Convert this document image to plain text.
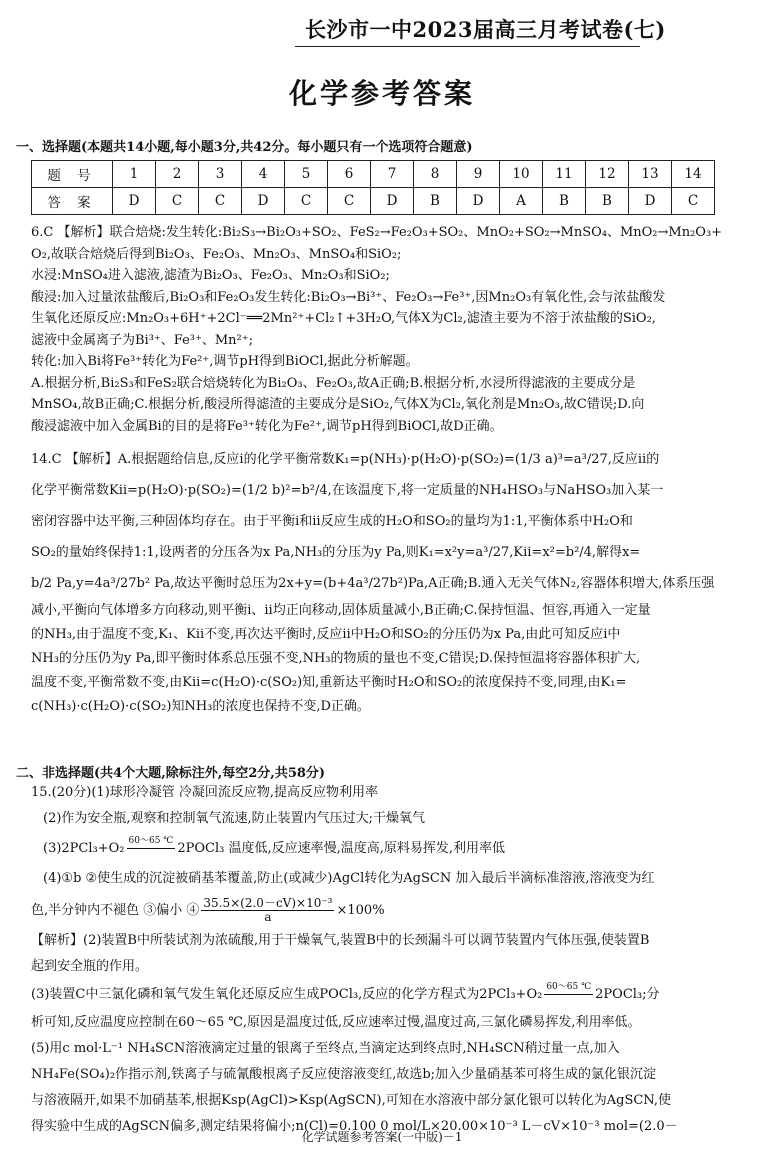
长沙市一中2023届高三月考试卷(七)
化学参考答案
一、选择题(本题共14小题,每小题3分,共42分。每小题只有一个选项符合题意)
题 号	1	2	3	4	5	6	7	8	9	10	11	12	13	14
答 案	D	C	C	D	C	C	D	B	D	A	B	B	D	C

6.C 【解析】联合焙烧:发生转化:Bi₂S₃→Bi₂O₃+SO₂、FeS₂→Fe₂O₃+SO₂、MnO₂+SO₂→MnSO₄、MnO₂→Mn₂O₃+

O₂,故联合焙烧后得到Bi₂O₃、Fe₂O₃、Mn₂O₃、MnSO₄和SiO₂;

水浸:MnSO₄进入滤液,滤渣为Bi₂O₃、Fe₂O₃、Mn₂O₃和SiO₂;

酸浸:加入过量浓盐酸后,Bi₂O₃和Fe₂O₃发生转化:Bi₂O₃→Bi³⁺、Fe₂O₃→Fe³⁺,因Mn₂O₃有氧化性,会与浓盐酸发

生氧化还原反应:Mn₂O₃+6H⁺+2Cl⁻══2Mn²⁺+Cl₂↑+3H₂O,气体X为Cl₂,滤渣主要为不溶于浓盐酸的SiO₂,

滤液中金属离子为Bi³⁺、Fe³⁺、Mn²⁺;

转化:加入Bi将Fe³⁺转化为Fe²⁺,调节pH得到BiOCl,据此分析解题。

A.根据分析,Bi₂S₃和FeS₂联合焙烧转化为Bi₂O₃、Fe₂O₃,故A正确;B.根据分析,水浸所得滤液的主要成分是

MnSO₄,故B正确;C.根据分析,酸浸所得滤渣的主要成分是SiO₂,气体X为Cl₂,氧化剂是Mn₂O₃,故C错误;D.向

酸浸滤液中加入金属Bi的目的是将Fe³⁺转化为Fe²⁺,调节pH得到BiOCl,故D正确。

14.C 【解析】A.根据题给信息,反应ⅰ的化学平衡常数K₁=p(NH₃)·p(H₂O)·p(SO₂)=(1/3 a)³=a³/27,反应ⅱ的

化学平衡常数Kⅱ=p(H₂O)·p(SO₂)=(1/2 b)²=b²/4,在该温度下,将一定质量的NH₄HSO₃与NaHSO₃加入某一

密闭容器中达平衡,三种固体均存在。由于平衡ⅰ和ⅱ反应生成的H₂O和SO₂的量均为1:1,平衡体系中H₂O和

SO₂的量始终保持1:1,设两者的分压各为x Pa,NH₃的分压为y Pa,则K₁=x²y=a³/27,Kⅱ=x²=b²/4,解得x=

b/2 Pa,y=4a³/27b² Pa,故达平衡时总压为2x+y=(b+4a³/27b²)Pa,A正确;B.通入无关气体N₂,容器体积增大,体系压强

减小,平衡向气体增多方向移动,则平衡ⅰ、ⅱ均正向移动,固体质量减小,B正确;C.保持恒温、恒容,再通入一定量

的NH₃,由于温度不变,K₁、Kⅱ不变,再次达平衡时,反应ⅱ中H₂O和SO₂的分压仍为x Pa,由此可知反应ⅰ中

NH₃的分压仍为y Pa,即平衡时体系总压强不变,NH₃的物质的量也不变,C错误;D.保持恒温将容器体积扩大,

温度不变,平衡常数不变,由Kⅱ=c(H₂O)·c(SO₂)知,重新达平衡时H₂O和SO₂的浓度保持不变,同理,由K₁=

c(NH₃)·c(H₂O)·c(SO₂)知NH₃的浓度也保持不变,D正确。

二、非选择题(共4个大题,除标注外,每空2分,共58分)

15.(20分)(1)球形冷凝管 冷凝回流反应物,提高反应物利用率

(2)作为安全瓶,观察和控制氧气流速,防止装置内气压过大;干燥氧气

(3)2PCl₃+O₂ 60～65 ℃
2POCl₃ 温度低,反应速率慢,温度高,原料易挥发,利用率低

(4)①b ②使生成的沉淀被硝基苯覆盖,防止(或减少)AgCl转化为AgSCN 加入最后半滴标准溶液,溶液变为红

色,半分钟内不褪色 ③偏小 ④ $\frac{\text{35.5×(2.0－cV)×10⁻³}}{a} \times 100\%$

【解析】(2)装置B中所装试剂为浓硫酸,用于干燥氧气,装置B中的长颈漏斗可以调节装置内气体压强,使装置B

起到安全瓶的作用。

(3)装置C中三氯化磷和氧气发生氧化还原反应生成POCl₃,反应的化学方程式为2PCl₃+O₂ 60～65 ℃
2POCl₃;分

析可知,反应温度应控制在60～65 ℃,原因是温度过低,反应速率过慢,温度过高,三氯化磷易挥发,利用率低。

(5)用c mol·L⁻¹ NH₄SCN溶液滴定过量的银离子至终点,当滴定达到终点时,NH₄SCN稍过量一点,加入

NH₄Fe(SO₄)₂作指示剂,铁离子与硫氰酸根离子反应使溶液变红,故选b;加入少量硝基苯可将生成的氯化银沉淀

与溶液隔开,如果不加硝基苯,根据Ksp(AgCl)>Ksp(AgSCN),可知在水溶液中部分氯化银可以转化为AgSCN,使

得实验中生成的AgSCN偏多,测定结果将偏小;n(Cl)=0.100 0 mol/L×20.00×10⁻³ L－cV×10⁻³ mol=(2.0－

化学试题参考答案(一中版)－1
